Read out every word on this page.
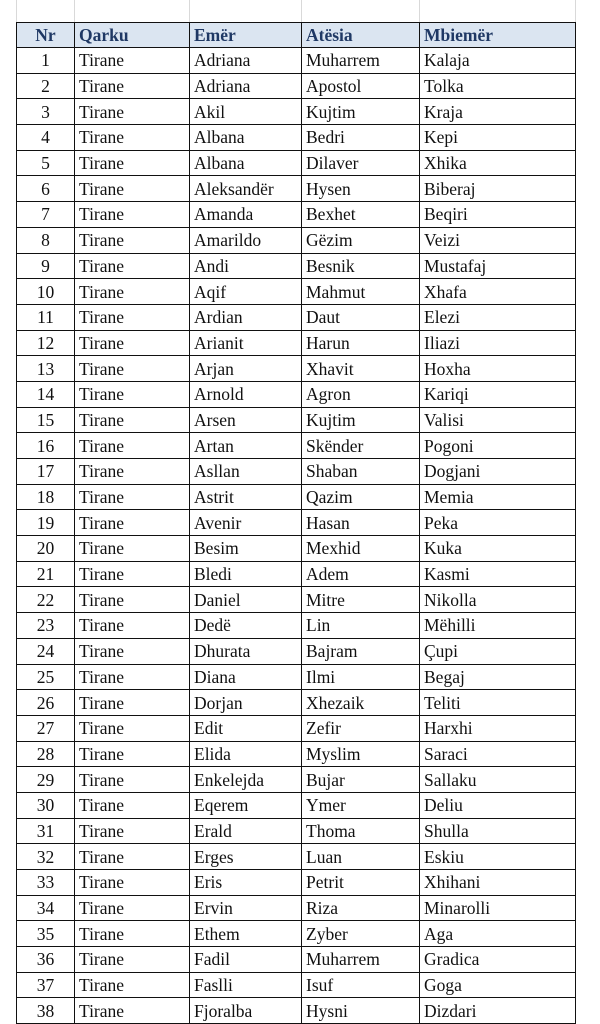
Nr	Qarku	Emër	Atësia	Mbiemër
1	Tirane	Adriana	Muharrem	Kalaja
2	Tirane	Adriana	Apostol	Tolka
3	Tirane	Akil	Kujtim	Kraja
4	Tirane	Albana	Bedri	Kepi
5	Tirane	Albana	Dilaver	Xhika
6	Tirane	Aleksandër	Hysen	Biberaj
7	Tirane	Amanda	Bexhet	Beqiri
8	Tirane	Amarildo	Gëzim	Veizi
9	Tirane	Andi	Besnik	Mustafaj
10	Tirane	Aqif	Mahmut	Xhafa
11	Tirane	Ardian	Daut	Elezi
12	Tirane	Arianit	Harun	Iliazi
13	Tirane	Arjan	Xhavit	Hoxha
14	Tirane	Arnold	Agron	Kariqi
15	Tirane	Arsen	Kujtim	Valisi
16	Tirane	Artan	Skënder	Pogoni
17	Tirane	Asllan	Shaban	Dogjani
18	Tirane	Astrit	Qazim	Memia
19	Tirane	Avenir	Hasan	Peka
20	Tirane	Besim	Mexhid	Kuka
21	Tirane	Bledi	Adem	Kasmi
22	Tirane	Daniel	Mitre	Nikolla
23	Tirane	Dedë	Lin	Mëhilli
24	Tirane	Dhurata	Bajram	Çupi
25	Tirane	Diana	Ilmi	Begaj
26	Tirane	Dorjan	Xhezaik	Teliti
27	Tirane	Edit	Zefir	Harxhi
28	Tirane	Elida	Myslim	Saraci
29	Tirane	Enkelejda	Bujar	Sallaku
30	Tirane	Eqerem	Ymer	Deliu
31	Tirane	Erald	Thoma	Shulla
32	Tirane	Erges	Luan	Eskiu
33	Tirane	Eris	Petrit	Xhihani
34	Tirane	Ervin	Riza	Minarolli
35	Tirane	Ethem	Zyber	Aga
36	Tirane	Fadil	Muharrem	Gradica
37	Tirane	Faslli	Isuf	Goga
38	Tirane	Fjoralba	Hysni	Dizdari
